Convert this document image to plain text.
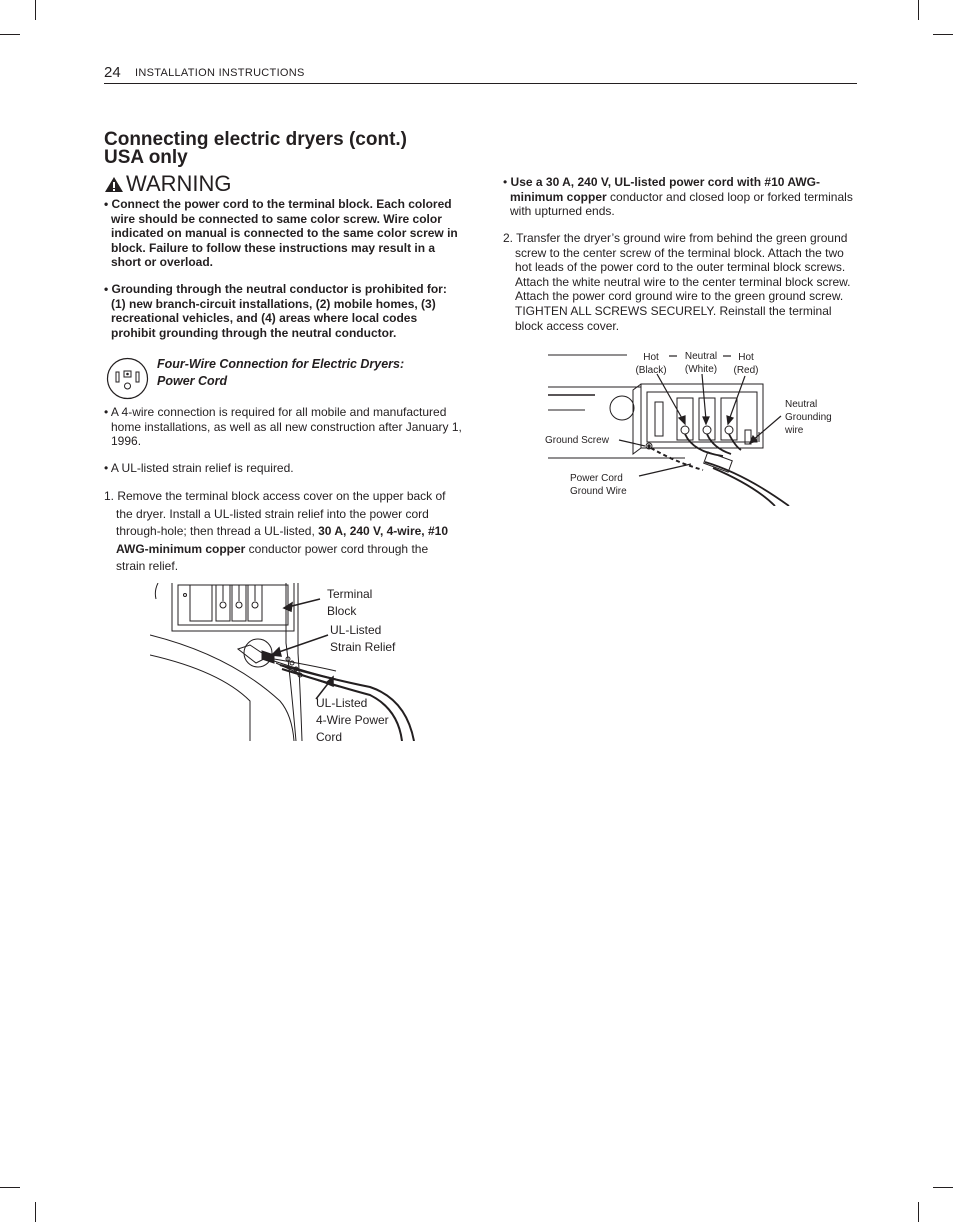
24 INSTALLATION INSTRUCTIONS
Connecting electric dryers (cont.)
USA only
WARNING
• Connect the power cord to the terminal block. Each colored wire should be connected to same color screw. Wire color indicated on manual is connected to the same color screw in block. Failure to follow these instructions may result in a short or overload.
• Grounding through the neutral conductor is prohibited for: (1) new branch-circuit installations, (2) mobile homes, (3) recreational vehicles, and (4) areas where local codes prohibit grounding through the neutral conductor.
Four-Wire Connection for Electric Dryers:
Power Cord
• A 4-wire connection is required for all mobile and manufactured home installations, as well as all new construction after January 1, 1996.
• A UL-listed strain relief is required.
1. Remove the terminal block access cover on the upper back of the dryer. Install a UL-listed strain relief into the power cord through-hole; then thread a UL-listed, 30 A, 240 V, 4-wire, #10 AWG-minimum copper conductor power cord through the strain relief.
Terminal
Block
UL-Listed
Strain Relief
UL-Listed
4-Wire Power
Cord
• Use a 30 A, 240 V, UL-listed power cord with #10 AWG-minimum copper conductor and closed loop or forked terminals with upturned ends.
2. Transfer the dryer’s ground wire from behind the green ground screw to the center screw of the terminal block. Attach the two hot leads of the power cord to the outer terminal block screws. Attach the white neutral wire to the center terminal block screw. Attach the power cord ground wire to the green ground screw. TIGHTEN ALL SCREWS SECURELY. Reinstall the terminal block access cover.
Hot
(Black)
Neutral
(White)
Hot
(Red)
Neutral
Grounding
wire
Ground Screw
Power Cord
Ground Wire
